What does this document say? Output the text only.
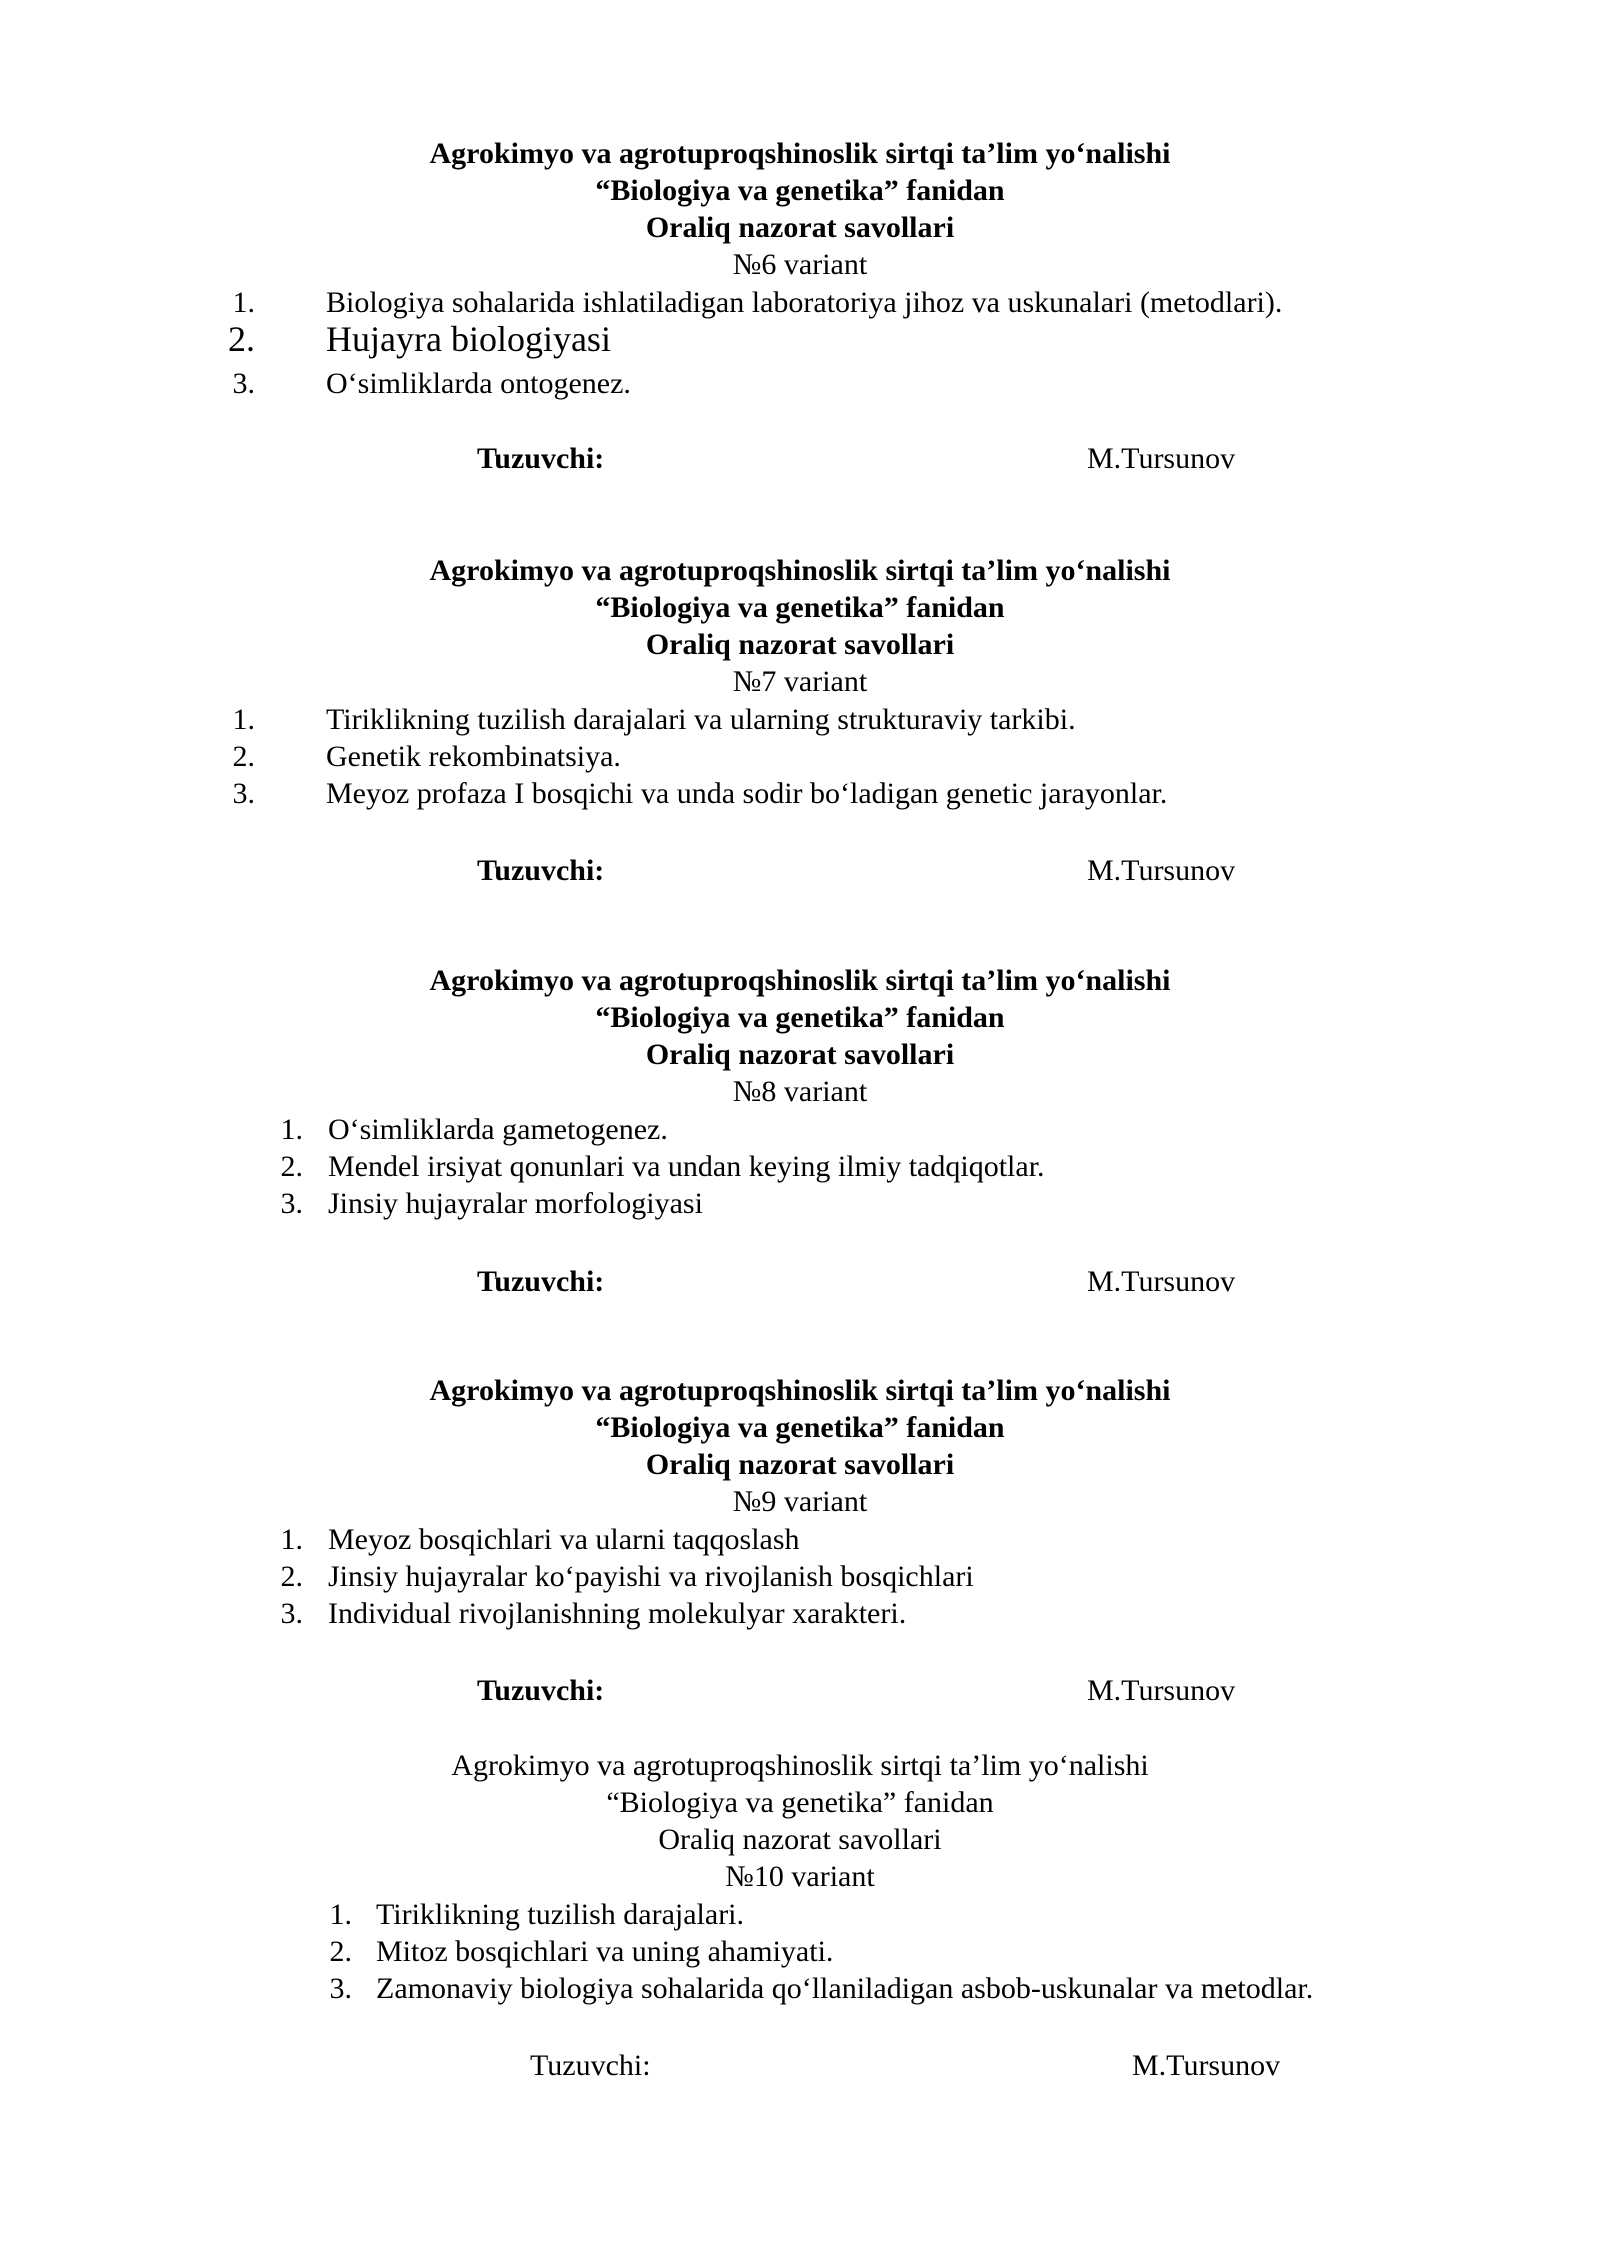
Agrokimyo va agrotuproqshinoslik sirtqi ta’lim yo‘nalishi
“Biologiya va genetika” fanidan
Oraliq nazorat savollari
№6 variant
1. Biologiya sohalarida ishlatiladigan laboratoriya jihoz va uskunalari (metodlari).
2. Hujayra biologiyasi
3. O‘simliklarda ontogenez.
Tuzuvchi:	M.Tursunov
Agrokimyo va agrotuproqshinoslik sirtqi ta’lim yo‘nalishi
“Biologiya va genetika” fanidan
Oraliq nazorat savollari
№7 variant
1. Tiriklikning tuzilish darajalari va ularning strukturaviy tarkibi.
2. Genetik rekombinatsiya.
3. Meyoz profaza I bosqichi va unda sodir bo‘ladigan genetic jarayonlar.
Tuzuvchi:	M.Tursunov
Agrokimyo va agrotuproqshinoslik sirtqi ta’lim yo‘nalishi
“Biologiya va genetika” fanidan
Oraliq nazorat savollari
№8 variant
1. O‘simliklarda gametogenez.
2. Mendel irsiyat qonunlari va undan keying ilmiy tadqiqotlar.
3. Jinsiy hujayralar morfologiyasi
Tuzuvchi:	M.Tursunov
Agrokimyo va agrotuproqshinoslik sirtqi ta’lim yo‘nalishi
“Biologiya va genetika” fanidan
Oraliq nazorat savollari
№9 variant
1. Meyoz bosqichlari va ularni taqqoslash
2. Jinsiy hujayralar ko‘payishi va rivojlanish bosqichlari
3. Individual rivojlanishning molekulyar xarakteri.
Tuzuvchi:	M.Tursunov
Agrokimyo va agrotuproqshinoslik sirtqi ta’lim yo‘nalishi
“Biologiya va genetika” fanidan
Oraliq nazorat savollari
№10 variant
1. Tiriklikning tuzilish darajalari.
2. Mitoz bosqichlari va uning ahamiyati.
3. Zamonaviy biologiya sohalarida qo‘llaniladigan asbob-uskunalar va metodlar.
Tuzuvchi:	M.Tursunov
